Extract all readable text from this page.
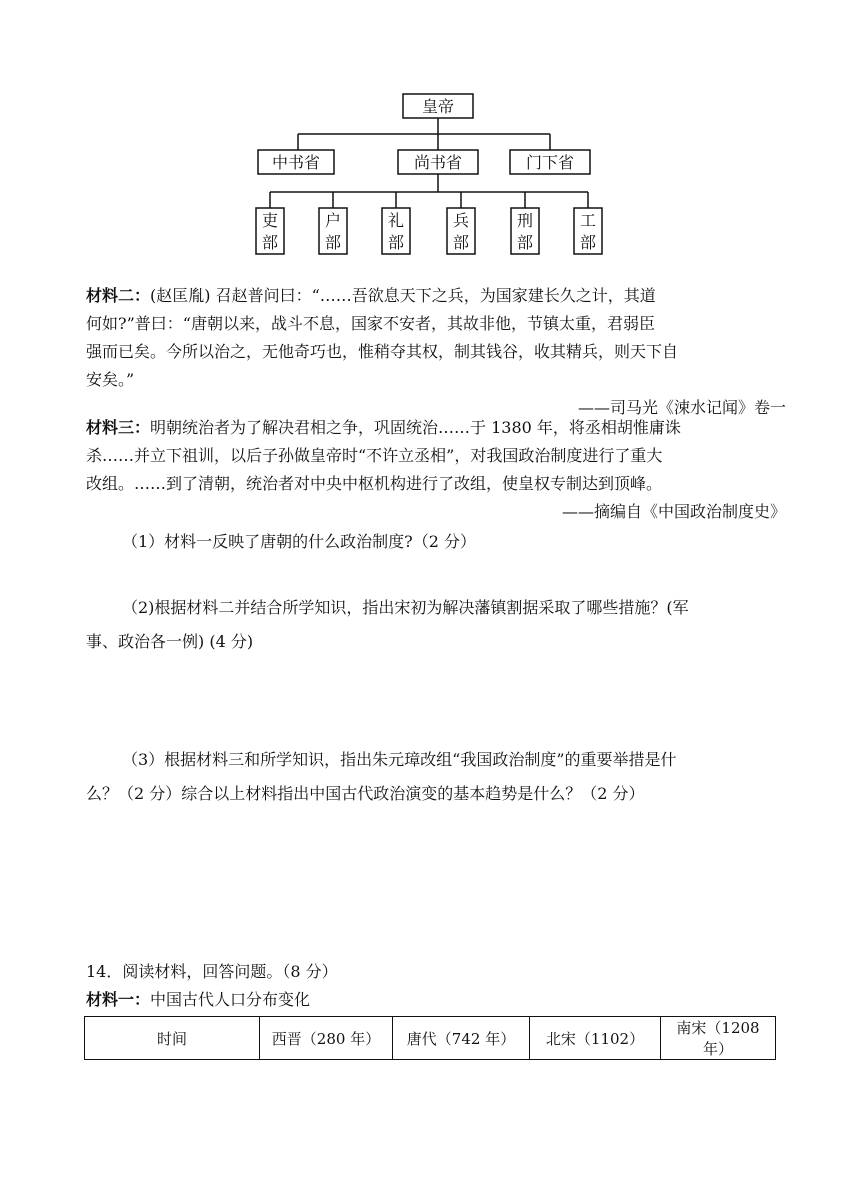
皇帝
中书省	尚书省	门下省
吏
部
户
部
礼
部
兵
部
刑
部
工
部
材料二：(赵匡胤) 召赵普问曰：“……吾欲息天下之兵，为国家建长久之计，其道
何如?”普曰：“唐朝以来，战斗不息，国家不安者，其故非他，节镇太重，君弱臣
强而已矣。今所以治之，无他奇巧也，惟稍夺其权，制其钱谷，收其精兵，则天下自
安矣。”
——司马光《涑水记闻》卷一
材料三：明朝统治者为了解决君相之争，巩固统治……于 1380 年，将丞相胡惟庸诛
杀……并立下祖训，以后子孙做皇帝时“不许立丞相”，对我国政治制度进行了重大
改组。……到了清朝，统治者对中央中枢机构进行了改组，使皇权专制达到顶峰。
——摘编自《中国政治制度史》
（1）材料一反映了唐朝的什么政治制度?（2 分）
（2)根据材料二并结合所学知识，指出宋初为解决藩镇割据采取了哪些措施？(军
事、政治各一例) (4 分)
（3）根据材料三和所学知识，指出朱元璋改组“我国政治制度”的重要举措是什
么？（2 分）综合以上材料指出中国古代政治演变的基本趋势是什么？（2 分）
14．阅读材料，回答问题。（8 分）
材料一：中国古代人口分布变化
时间	西晋（280 年）	唐代（742 年）	北宋（1102）	南宋（1208 年）
